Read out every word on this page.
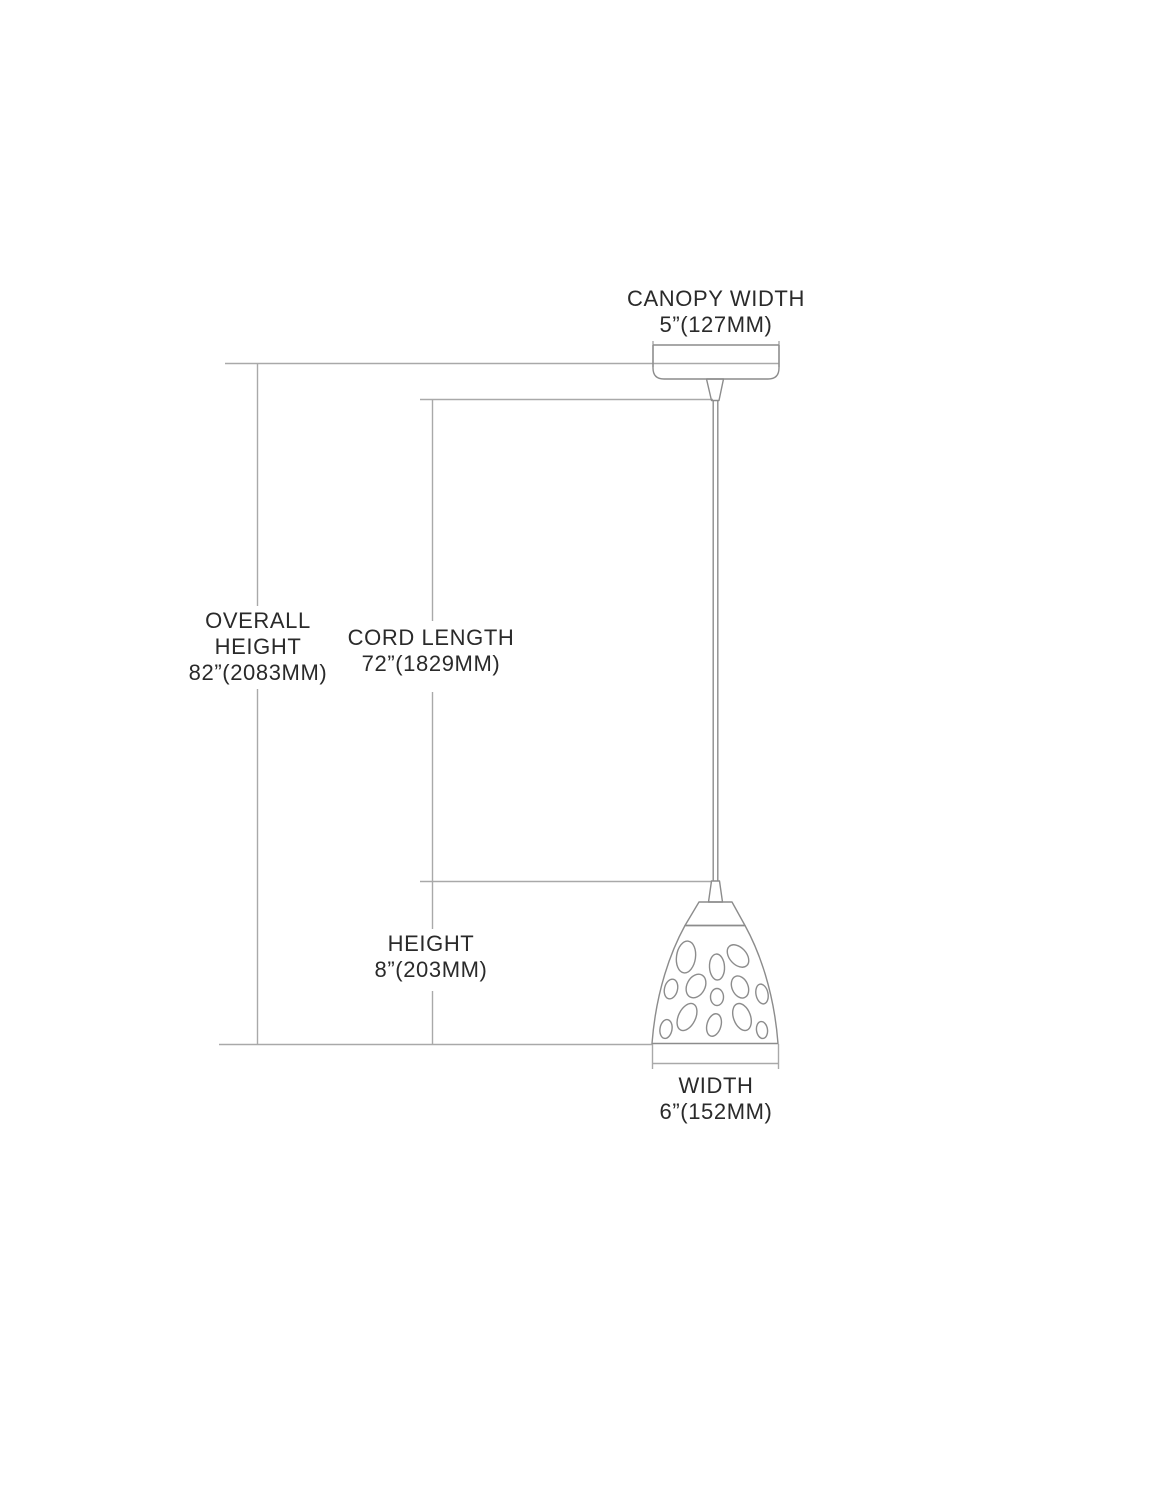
CANOPY WIDTH
5”(127MM)
OVERALL
HEIGHT
82”(2083MM)
CORD LENGTH
72”(1829MM)
HEIGHT
8”(203MM)
WIDTH
6”(152MM)
